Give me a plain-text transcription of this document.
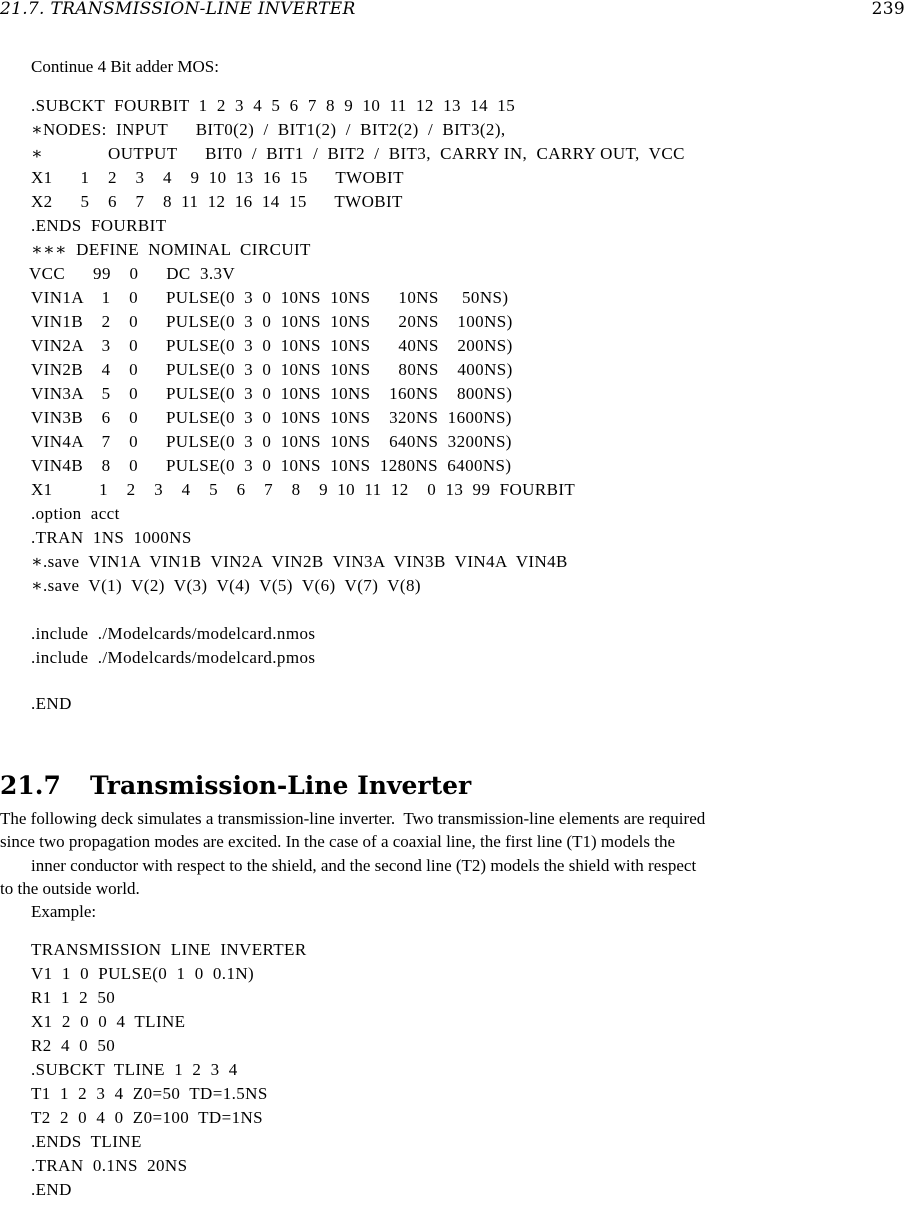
21.7. TRANSMISSION-LINE INVERTER	239
Continue 4 Bit adder MOS:
.SUBCKT  FOURBIT  1  2  3  4  5  6  7  8  9  10  11  12  13  14  15
∗NODES:  INPUT      BIT0(2)  /  BIT1(2)  /  BIT2(2)  /  BIT3(2),
∗              OUTPUT      BIT0  /  BIT1  /  BIT2  /  BIT3,  CARRY IN,  CARRY OUT,  VCC
X1      1    2    3    4    9  10  13  16  15      TWOBIT
X2      5    6    7    8  11  12  16  14  15      TWOBIT
.ENDS  FOURBIT
∗∗∗  DEFINE  NOMINAL  CIRCUIT
VCC      99    0      DC  3.3V
VIN1A    1    0      PULSE(0  3  0  10NS  10NS      10NS     50NS)
VIN1B    2    0      PULSE(0  3  0  10NS  10NS      20NS    100NS)
VIN2A    3    0      PULSE(0  3  0  10NS  10NS      40NS    200NS)
VIN2B    4    0      PULSE(0  3  0  10NS  10NS      80NS    400NS)
VIN3A    5    0      PULSE(0  3  0  10NS  10NS    160NS    800NS)
VIN3B    6    0      PULSE(0  3  0  10NS  10NS    320NS  1600NS)
VIN4A    7    0      PULSE(0  3  0  10NS  10NS    640NS  3200NS)
VIN4B    8    0      PULSE(0  3  0  10NS  10NS  1280NS  6400NS)
X1          1    2    3    4    5    6    7    8    9  10  11  12    0  13  99  FOURBIT
.option  acct
.TRAN  1NS  1000NS
∗.save  VIN1A  VIN1B  VIN2A  VIN2B  VIN3A  VIN3B  VIN4A  VIN4B
∗.save  V(1)  V(2)  V(3)  V(4)  V(5)  V(6)  V(7)  V(8)
.include  ./Modelcards/modelcard.nmos
.include  ./Modelcards/modelcard.pmos
.END
The following deck simulates a transmission-line inverter.  Two transmission-line elements are required
since two propagation modes are excited. In the case of a coaxial line, the first line (T1) models the
inner conductor with respect to the shield, and the second line (T2) models the shield with respect
to the outside world.
Example:
TRANSMISSION  LINE  INVERTER
V1  1  0  PULSE(0  1  0  0.1N)
R1  1  2  50
X1  2  0  0  4  TLINE
R2  4  0  50
.SUBCKT  TLINE  1  2  3  4
T1  1  2  3  4  Z0=50  TD=1.5NS
T2  2  0  4  0  Z0=100  TD=1NS
.ENDS  TLINE
.TRAN  0.1NS  20NS
.END
21.7 Transmission-Line Inverter
